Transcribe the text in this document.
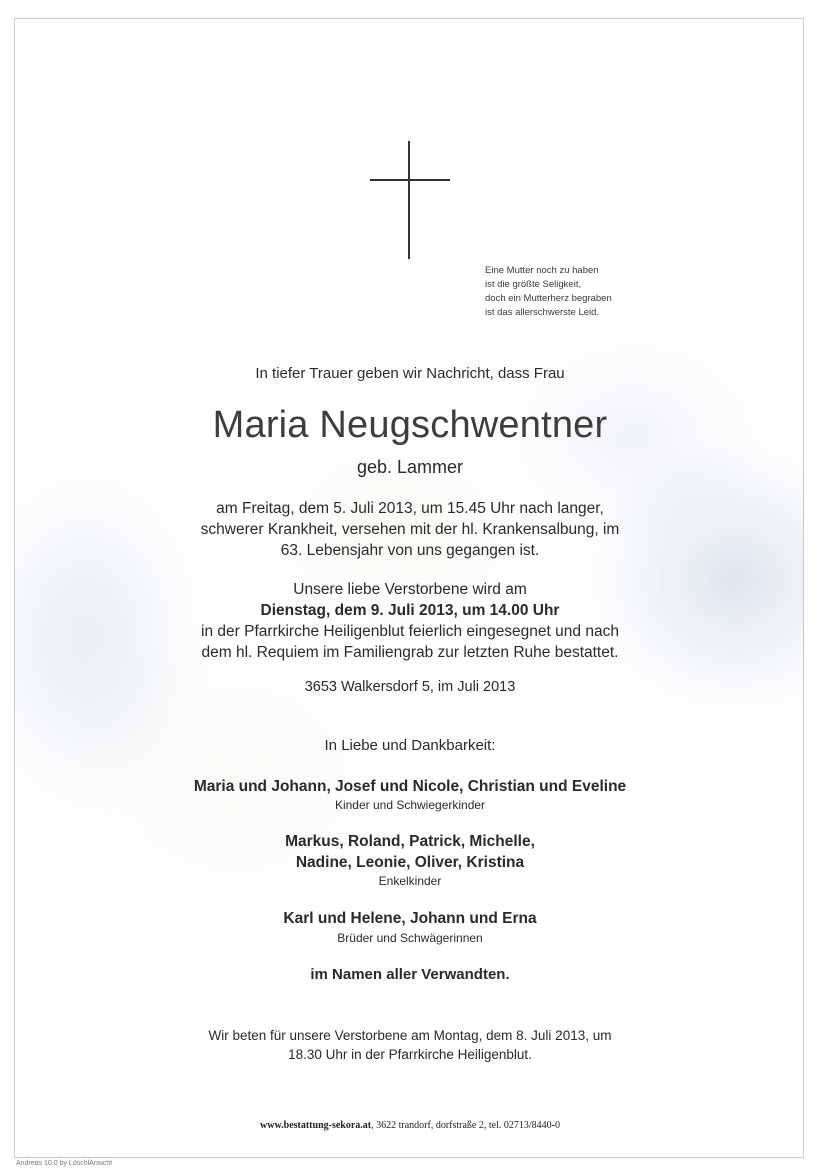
Eine Mutter noch zu haben
ist die größte Seligkeit,
doch ein Mutterherz begraben
ist das allerschwerste Leid.
In tiefer Trauer geben wir Nachricht, dass Frau
Maria Neugschwentner
geb. Lammer
am Freitag, dem 5. Juli 2013, um 15.45 Uhr nach langer,
schwerer Krankheit, versehen mit der hl. Krankensalbung, im
63. Lebensjahr von uns gegangen ist.
Unsere liebe Verstorbene wird am
Dienstag, dem 9. Juli 2013, um 14.00 Uhr
in der Pfarrkirche Heiligenblut feierlich eingesegnet und nach
dem hl. Requiem im Familiengrab zur letzten Ruhe bestattet.
3653 Walkersdorf 5, im Juli 2013
In Liebe und Dankbarkeit:
Maria und Johann, Josef und Nicole, Christian und Eveline
Kinder und Schwiegerkinder
Markus, Roland, Patrick, Michelle,
Nadine, Leonie, Oliver, Kristina
Enkelkinder
Karl und Helene, Johann und Erna
Brüder und Schwägerinnen
im Namen aller Verwandten.
Wir beten für unsere Verstorbene am Montag, dem 8. Juli 2013, um
18.30 Uhr in der Pfarrkirche Heiligenblut.
www.bestattung-sekora.at, 3622 trandorf, dorfstraße 2, tel. 02713/8440-0
Andreas 10.0 by LöschlAnsicht
